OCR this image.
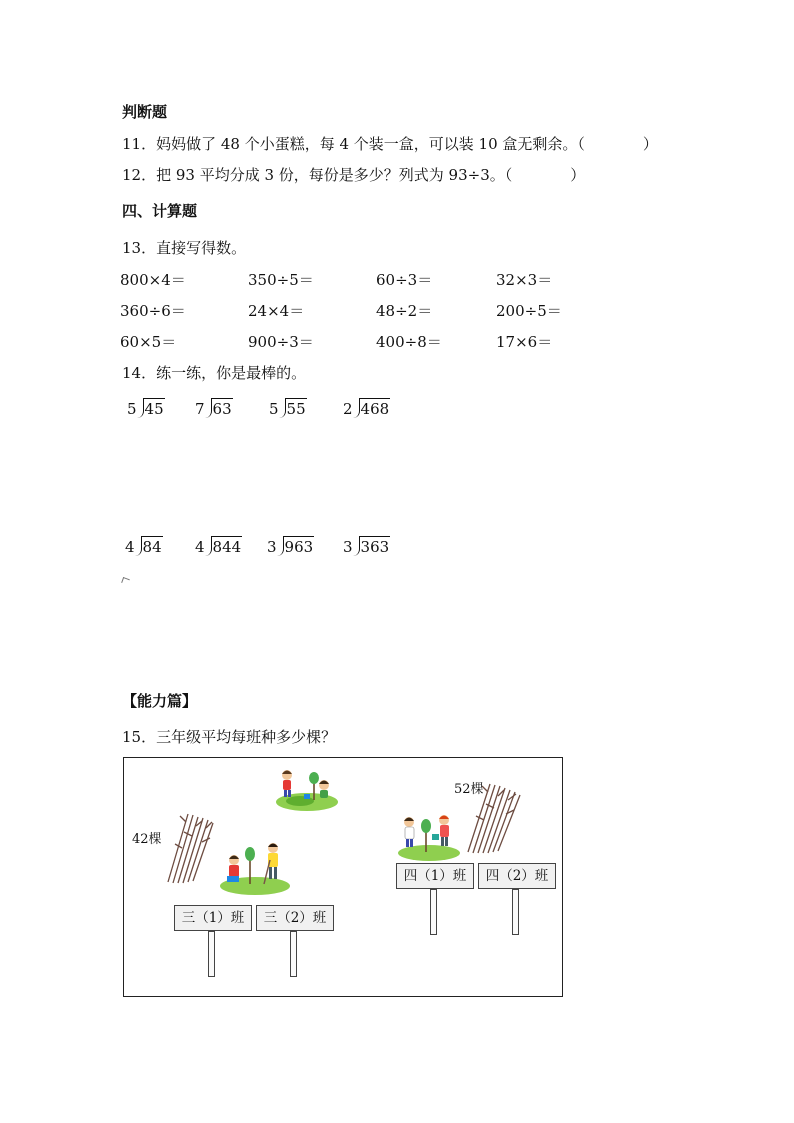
判断题
11．妈妈做了 48 个小蛋糕，每 4 个装一盒，可以装 10 盒无剩余。（	）
12．把 93 平均分成 3 份，每份是多少？列式为 93÷3。（	）
四、计算题
13．直接写得数。
800×4＝	350÷5＝	60÷3＝	32×3＝
360÷6＝	24×4＝	48÷2＝	200÷5＝
60×5＝	900÷3＝	400÷8＝	17×6＝
14．练一练，你是最棒的。
5 45 7 63 5 55 2 468
4 84 4 844 3 963 3 363
【能力篇】
15．三年级平均每班种多少棵？
42棵
52棵
三（1）班	三（2）班
四（1）班	四（2）班
